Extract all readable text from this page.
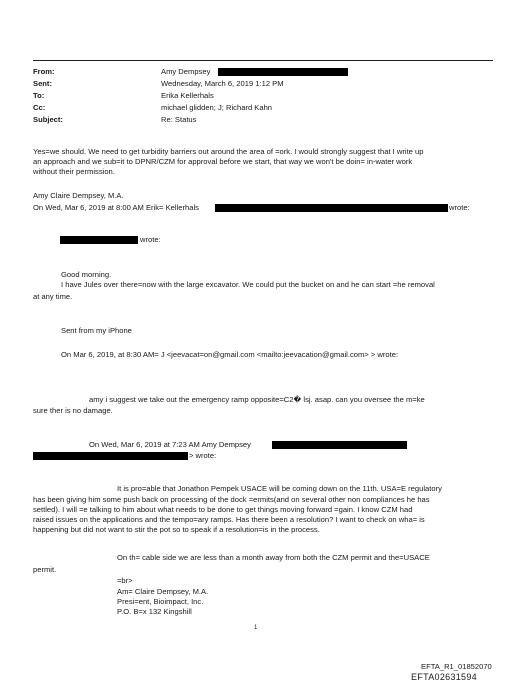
From:	Amy Dempsey
Sent:	Wednesday, March 6, 2019 1:12 PM
To:	Erika Kellerhals
Cc:	michael glidden; J; Richard Kahn
Subject:	Re: Status
Yes=we should. We need to get turbidity barriers out around the area of =ork. I would strongly suggest that I write up
an approach and we sub=it to DPNR/CZM for approval before we start, that way we won't be doin= in-water work
without their permission.
Amy Claire Dempsey, M.A.
On Wed, Mar 6, 2019 at 8:00 AM Erik= Kellerhals	wrote:
wrote:
Good morning.
I have Jules over there=now with the large excavator. We could put the bucket on and he can start =he removal
at any time.
Sent from my iPhone
On Mar 6, 2019, at 8:30 AM= J <jeevacat=on@gmail.com <mailto:jeevacation@gmail.com> > wrote:
amy i suggest we take out the emergency ramp opposite=C2� lsj. asap. can you oversee the m=ke
sure ther is no damage.
On Wed, Mar 6, 2019 at 7:23 AM Amy Dempsey
> wrote:
It is pro=able that Jonathon Pempek USACE will be coming down on the 11th. USA=E regulatory
has been giving him some push back on processing of the dock =ermits(and on several other non compliances he has
settled). I will =e talking to him about what needs to be done to get things moving forward =gain. I know CZM had
raised issues on the applications and the tempo=ary ramps. Has there been a resolution? I want to check on wha= is
happening but did not want to stir the pot so to speak if a resolution=is in the process.
On th= cable side we are less than a month away from both the CZM permit and the=USACE
permit.
=br>
Am= Claire Dempsey, M.A.
Presi=ent, Bioimpact, Inc.
P.O. B=x 132 Kingshill
1
EFTA_R1_01852070
EFTA02631594
